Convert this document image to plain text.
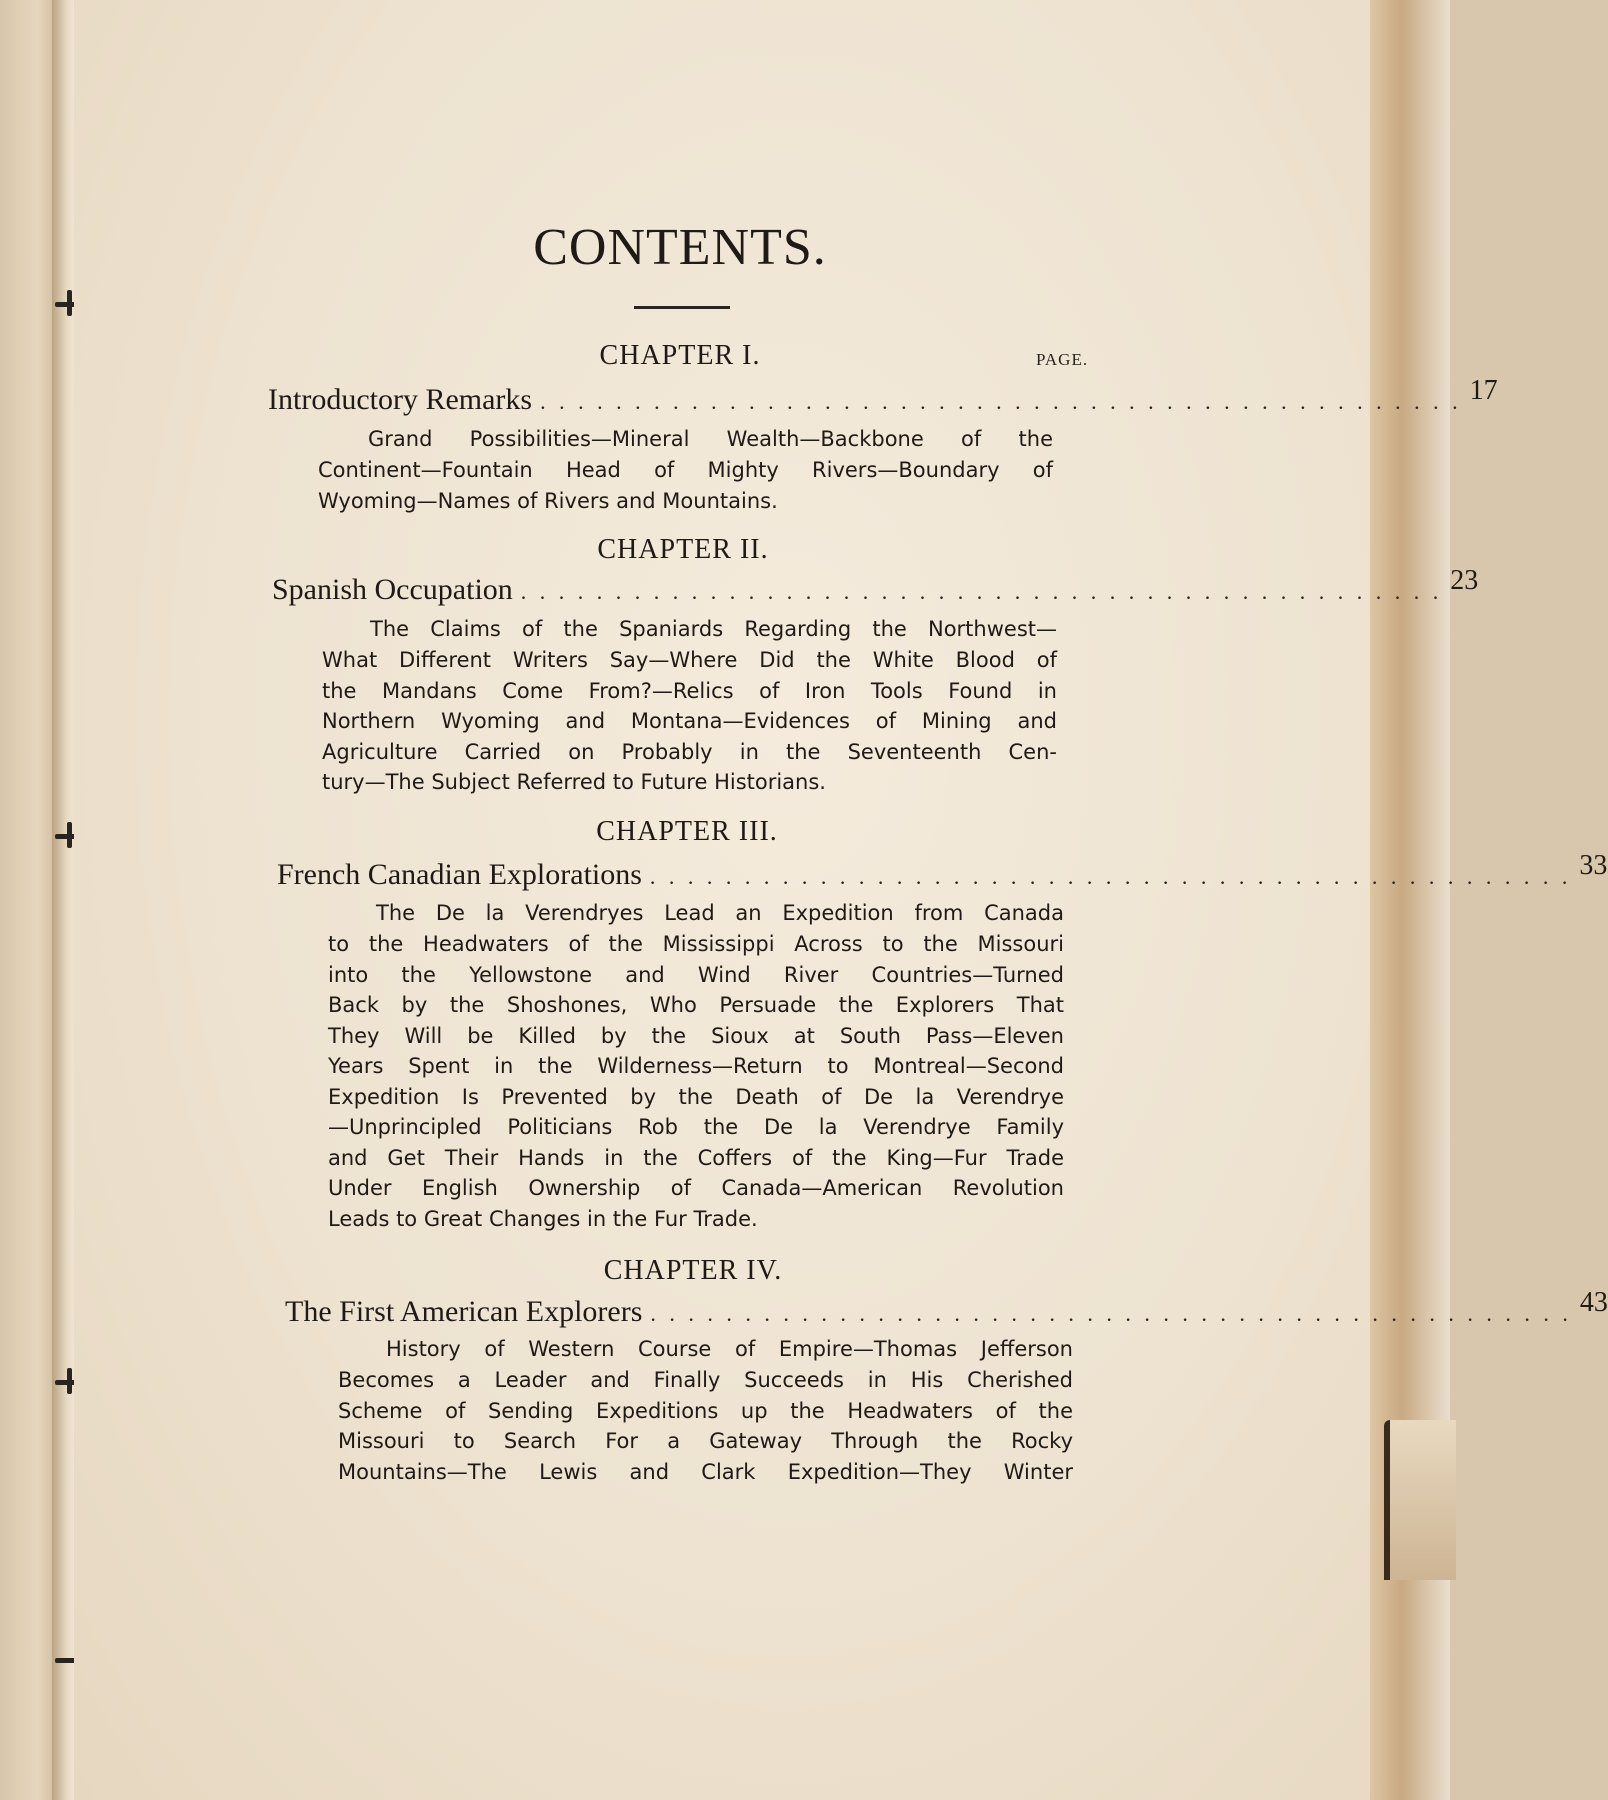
CONTENTS.
PAGE.
CHAPTER I.
Introductory Remarks . . . . . . . . . . . . . . . . . . . . . . . . . . . . . . . . . . . . . . . . . . . . . . . . . 17
Grand Possibilities—Mineral Wealth—Backbone of the
Continent—Fountain Head of Mighty Rivers—Boundary of
Wyoming—Names of Rivers and Mountains.
CHAPTER II.
Spanish Occupation . . . . . . . . . . . . . . . . . . . . . . . . . . . . . . . . . . . . . . . . . . . . . . . . . 23
The Claims of the Spaniards Regarding the Northwest—
What Different Writers Say—Where Did the White Blood of
the Mandans Come From?—Relics of Iron Tools Found in
Northern Wyoming and Montana—Evidences of Mining and
Agriculture Carried on Probably in the Seventeenth Cen-
tury—The Subject Referred to Future Historians.
CHAPTER III.
French Canadian Explorations . . . . . . . . . . . . . . . . . . . . . . . . . . . . . . . . . . . . . . . . . . . . . . . . . 33
The De la Verendryes Lead an Expedition from Canada
to the Headwaters of the Mississippi Across to the Missouri
into the Yellowstone and Wind River Countries—Turned
Back by the Shoshones, Who Persuade the Explorers That
They Will be Killed by the Sioux at South Pass—Eleven
Years Spent in the Wilderness—Return to Montreal—Second
Expedition Is Prevented by the Death of De la Verendrye
—Unprincipled Politicians Rob the De la Verendrye Family
and Get Their Hands in the Coffers of the King—Fur Trade
Under English Ownership of Canada—American Revolution
Leads to Great Changes in the Fur Trade.
CHAPTER IV.
The First American Explorers . . . . . . . . . . . . . . . . . . . . . . . . . . . . . . . . . . . . . . . . . . . . . . . . . 43
History of Western Course of Empire—Thomas Jefferson
Becomes a Leader and Finally Succeeds in His Cherished
Scheme of Sending Expeditions up the Headwaters of the
Missouri to Search For a Gateway Through the Rocky
Mountains—The Lewis and Clark Expedition—They Winter
